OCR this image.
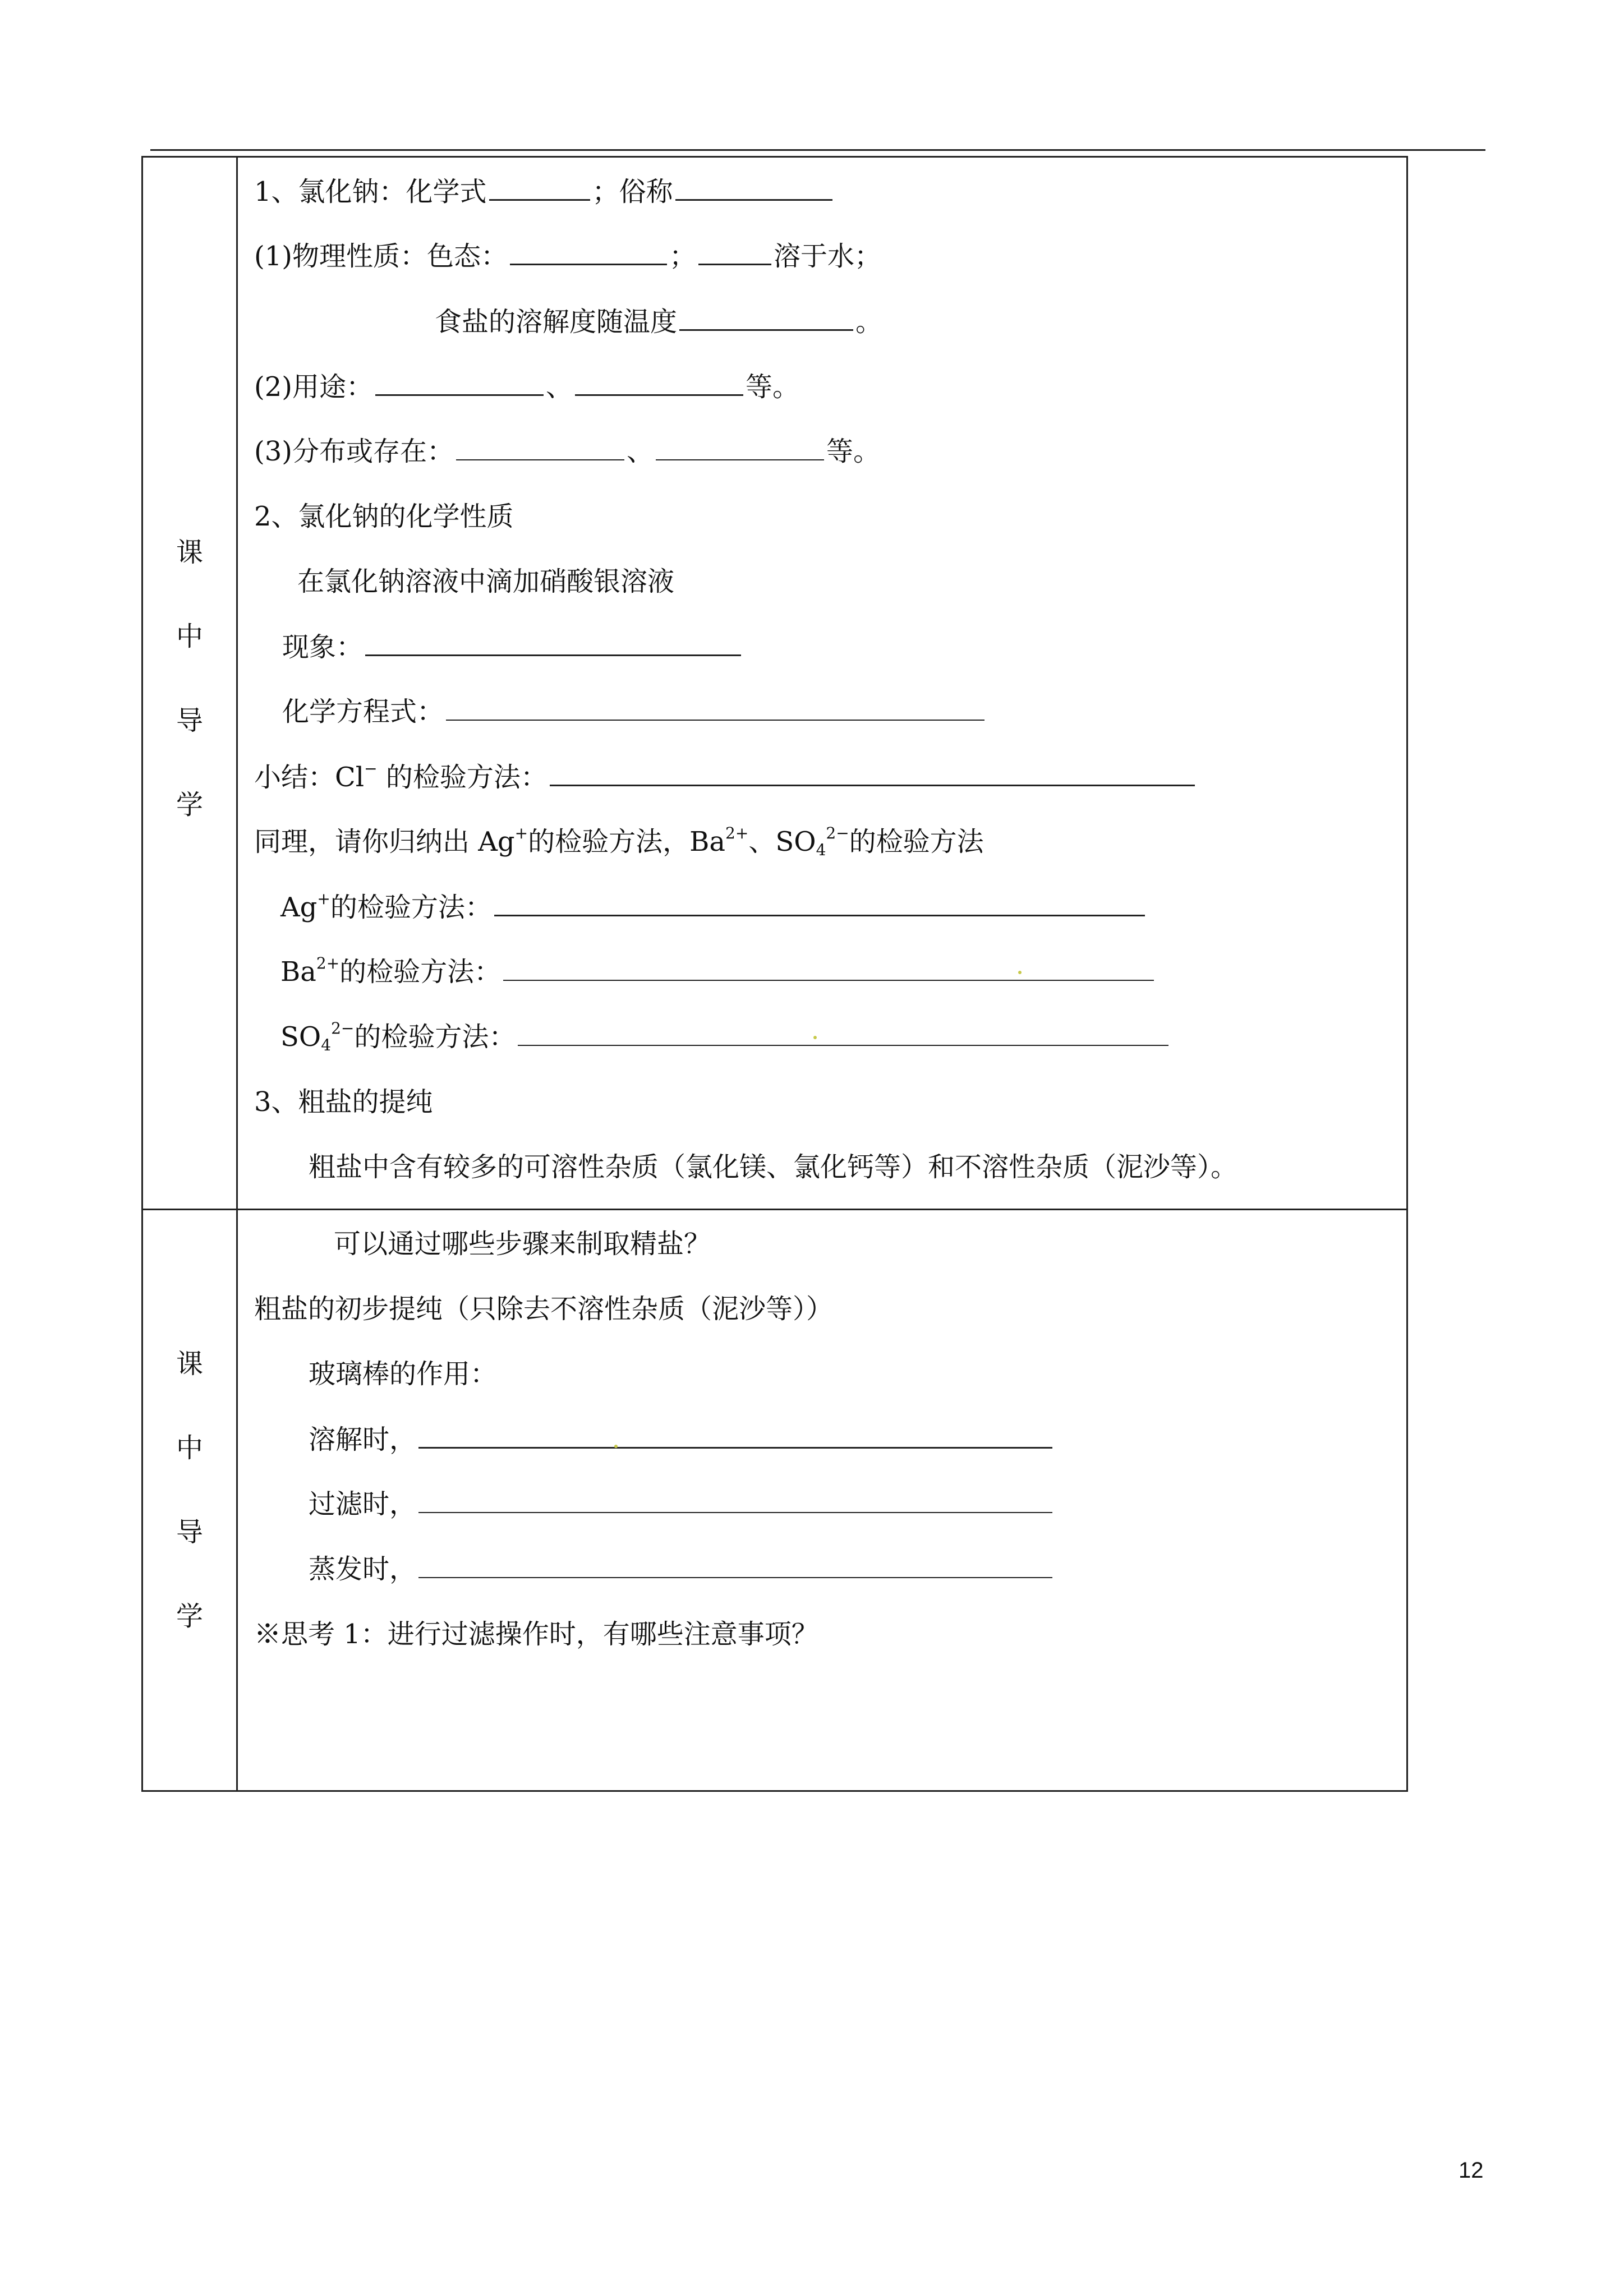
课
中
导
学
1、氯化钠：化学式	；俗称
(1)物理性质：色态：	；	溶于水；
食盐的溶解度随温度	。
(2)用途：	、	等。
(3)分布或存在：	、	等。
2、氯化钠的化学性质
在氯化钠溶液中滴加硝酸银溶液
现象：
化学方程式：
小结：Cl− 的检验方法：
同理，请你归纳出 Ag+的检验方法，$Ba^{2+}$、$SO_4^{2-}$的检验方法
Ag+的检验方法：
$Ba^{2+}$的检验方法：
$SO_4^{2-}$的检验方法：
3、粗盐的提纯
粗盐中含有较多的可溶性杂质（氯化镁、氯化钙等）和不溶性杂质（泥沙等）。
课
中
导
学
可以通过哪些步骤来制取精盐？
粗盐的初步提纯（只除去不溶性杂质（泥沙等））
玻璃棒的作用：
溶解时，
过滤时，
蒸发时，
※思考 1：进行过滤操作时，有哪些注意事项？
12
